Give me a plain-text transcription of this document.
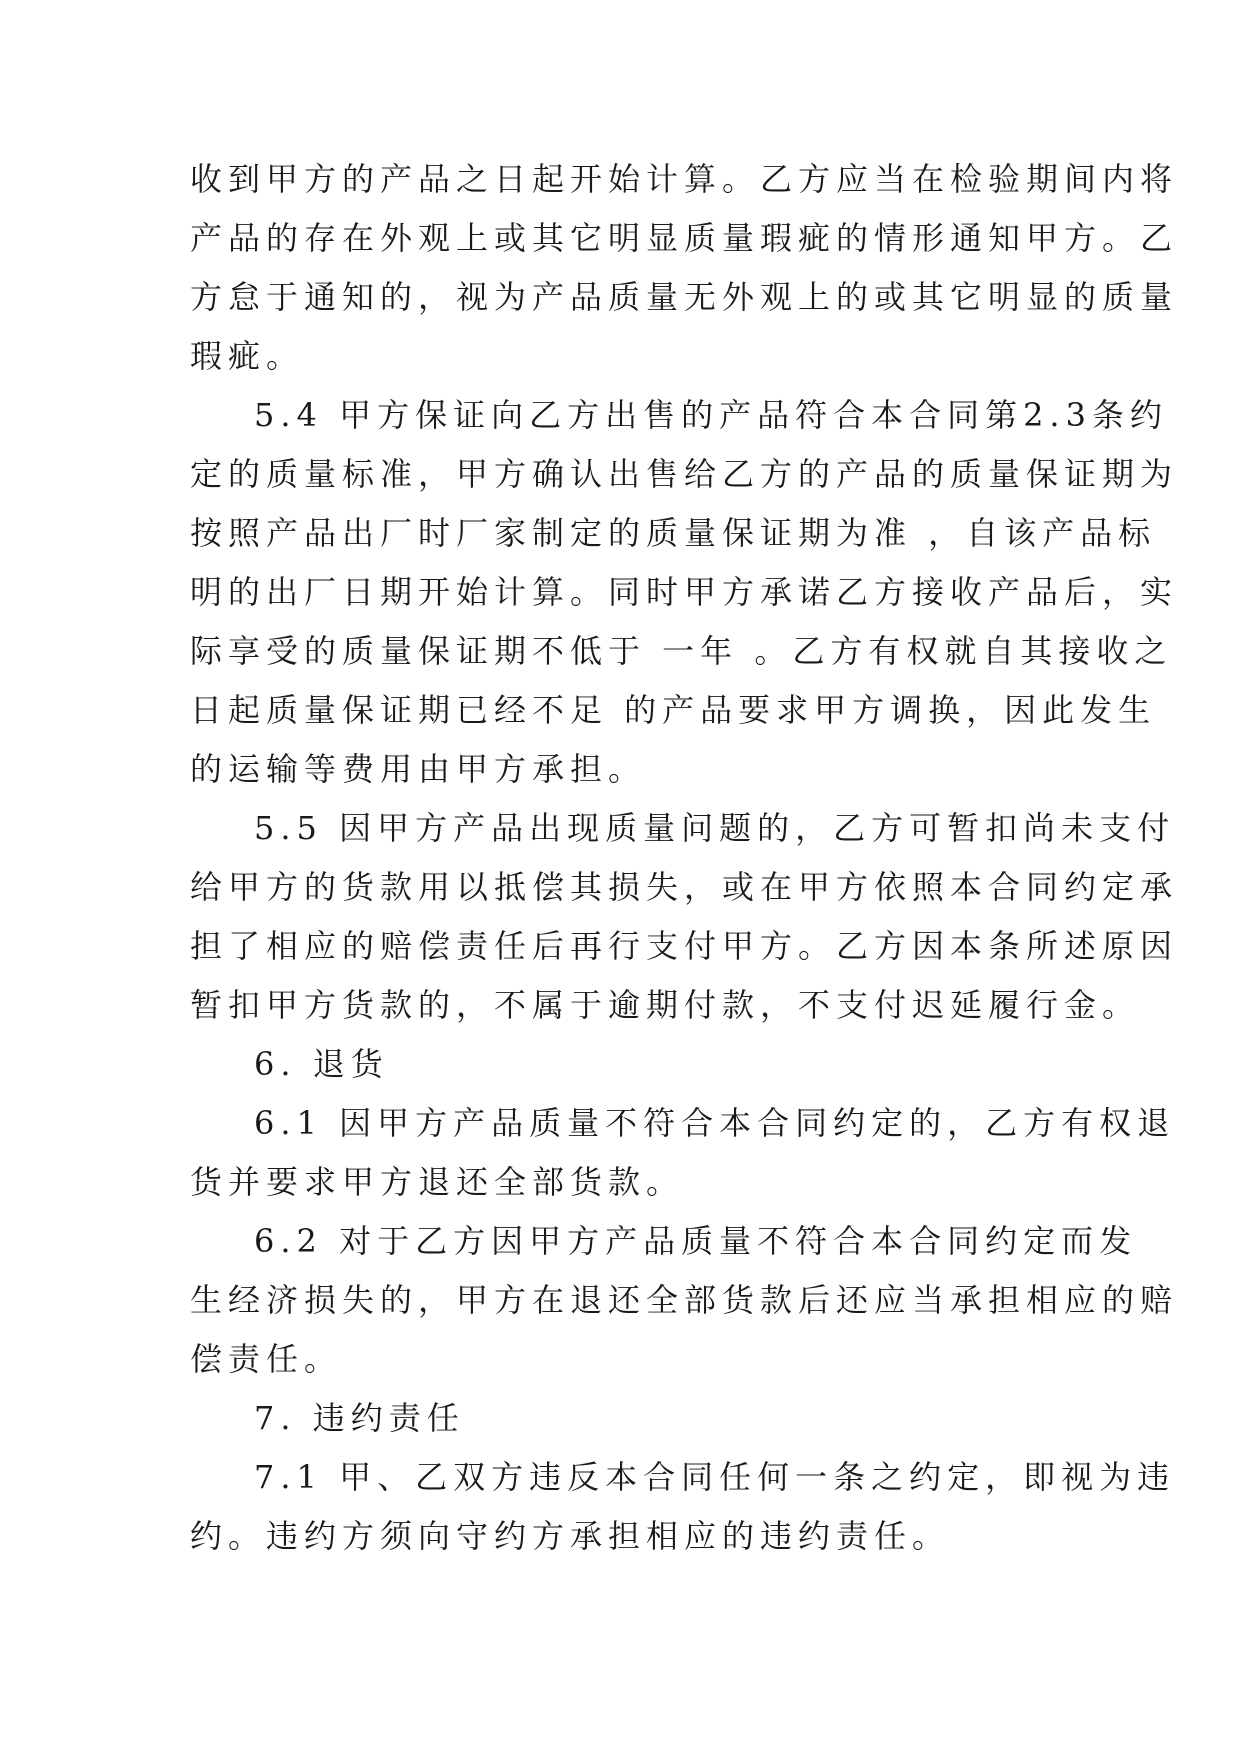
收到甲方的产品之日起开始计算。乙方应当在检验期间内将
产品的存在外观上或其它明显质量瑕疵的情形通知甲方。乙
方怠于通知的，视为产品质量无外观上的或其它明显的质量
瑕疵。
5.4 甲方保证向乙方出售的产品符合本合同第2.3条约
定的质量标准，甲方确认出售给乙方的产品的质量保证期为
按照产品出厂时厂家制定的质量保证期为准 ，自该产品标
明的出厂日期开始计算。同时甲方承诺乙方接收产品后，实
际享受的质量保证期不低于 一年 。乙方有权就自其接收之
日起质量保证期已经不足 的产品要求甲方调换，因此发生
的运输等费用由甲方承担。
5.5 因甲方产品出现质量问题的，乙方可暂扣尚未支付
给甲方的货款用以抵偿其损失，或在甲方依照本合同约定承
担了相应的赔偿责任后再行支付甲方。乙方因本条所述原因
暂扣甲方货款的，不属于逾期付款，不支付迟延履行金。
6. 退货
6.1 因甲方产品质量不符合本合同约定的，乙方有权退
货并要求甲方退还全部货款。
6.2 对于乙方因甲方产品质量不符合本合同约定而发
生经济损失的，甲方在退还全部货款后还应当承担相应的赔
偿责任。
7. 违约责任
7.1 甲、乙双方违反本合同任何一条之约定，即视为违
约。违约方须向守约方承担相应的违约责任。
